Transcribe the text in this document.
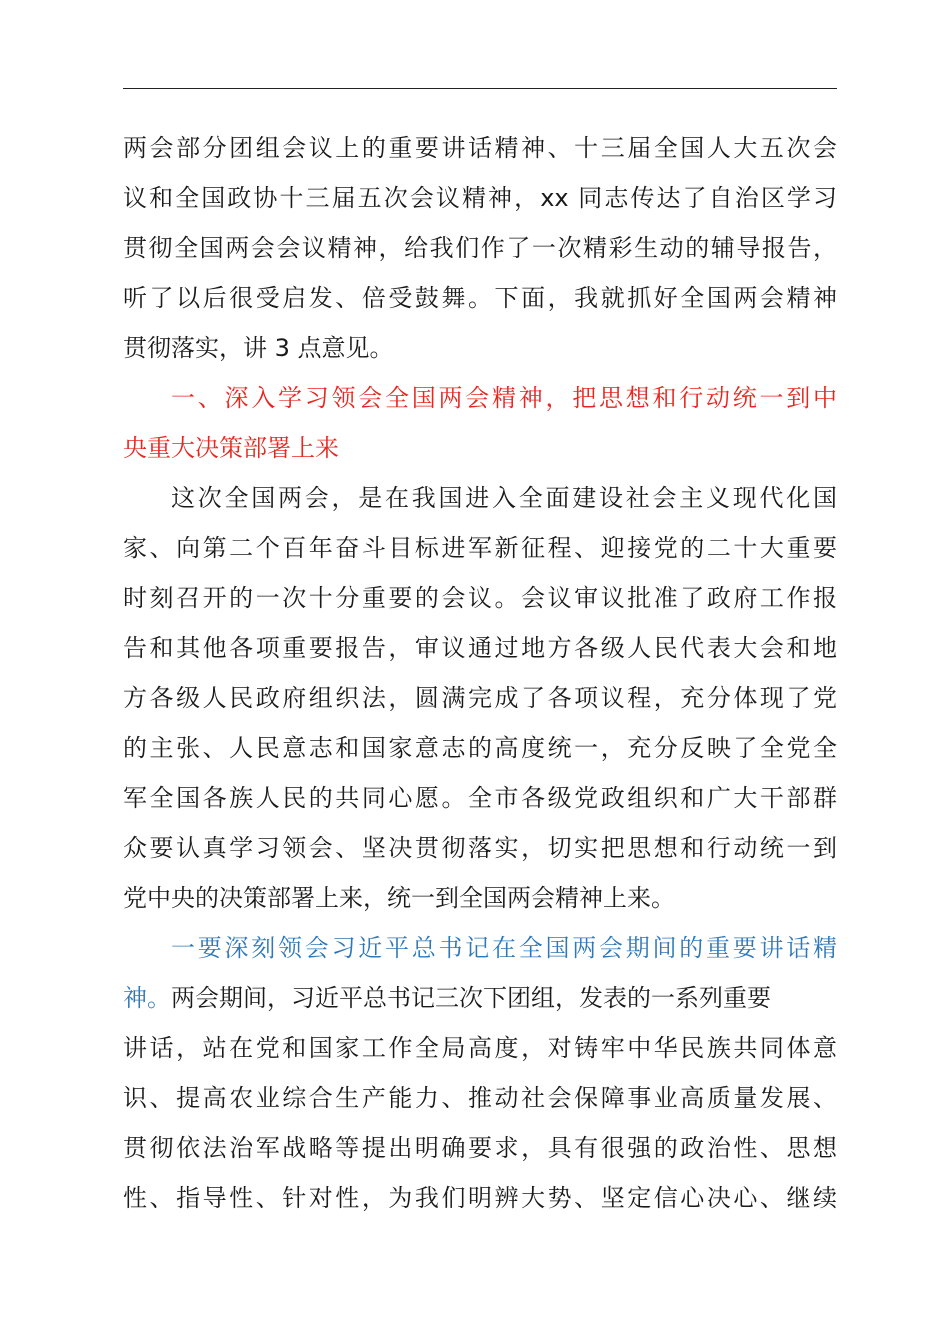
两会部分团组会议上的重要讲话精神、十三届全国人大五次会
议和全国政协十三届五次会议精神，xx 同志传达了自治区学习
贯彻全国两会会议精神，给我们作了一次精彩生动的辅导报告，
听了以后很受启发、倍受鼓舞。下面，我就抓好全国两会精神
贯彻落实，讲 3 点意见。
一、深入学习领会全国两会精神，把思想和行动统一到中
央重大决策部署上来
这次全国两会，是在我国进入全面建设社会主义现代化国
家、向第二个百年奋斗目标进军新征程、迎接党的二十大重要
时刻召开的一次十分重要的会议。会议审议批准了政府工作报
告和其他各项重要报告，审议通过地方各级人民代表大会和地
方各级人民政府组织法，圆满完成了各项议程，充分体现了党
的主张、人民意志和国家意志的高度统一，充分反映了全党全
军全国各族人民的共同心愿。全市各级党政组织和广大干部群
众要认真学习领会、坚决贯彻落实，切实把思想和行动统一到
党中央的决策部署上来，统一到全国两会精神上来。
一要深刻领会习近平总书记在全国两会期间的重要讲话精
神。两会期间，习近平总书记三次下团组，发表的一系列重要
讲话，站在党和国家工作全局高度，对铸牢中华民族共同体意
识、提高农业综合生产能力、推动社会保障事业高质量发展、
贯彻依法治军战略等提出明确要求，具有很强的政治性、思想
性、指导性、针对性，为我们明辨大势、坚定信心决心、继续
